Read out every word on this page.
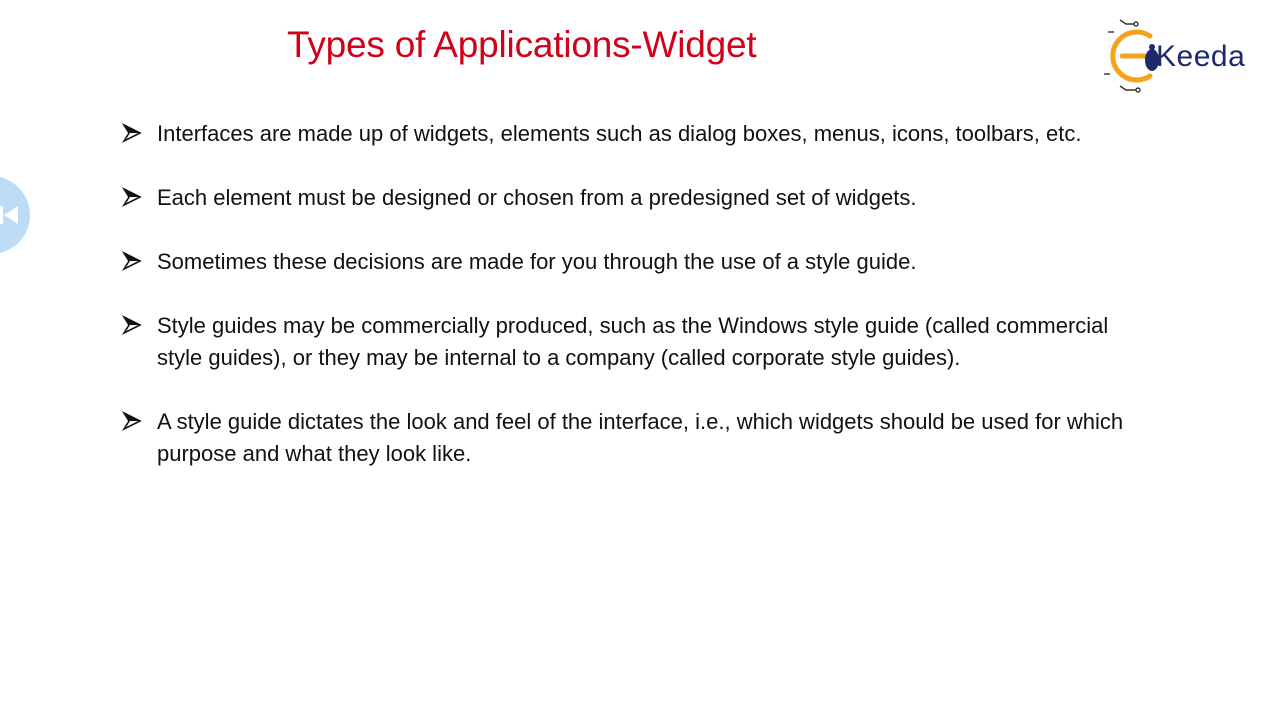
Types of Applications-Widget	Keeda
Interfaces are made up of widgets, elements such as dialog boxes, menus, icons, toolbars, etc.
Each element must be designed or chosen from a predesigned set of widgets.
Sometimes these decisions are made for you through the use of a style guide.
Style guides may be commercially produced, such as the Windows style guide (called commercial style guides), or they may be internal to a company (called corporate style guides).
A style guide dictates the look and feel of the interface, i.e., which widgets should be used for which purpose and what they look like.
